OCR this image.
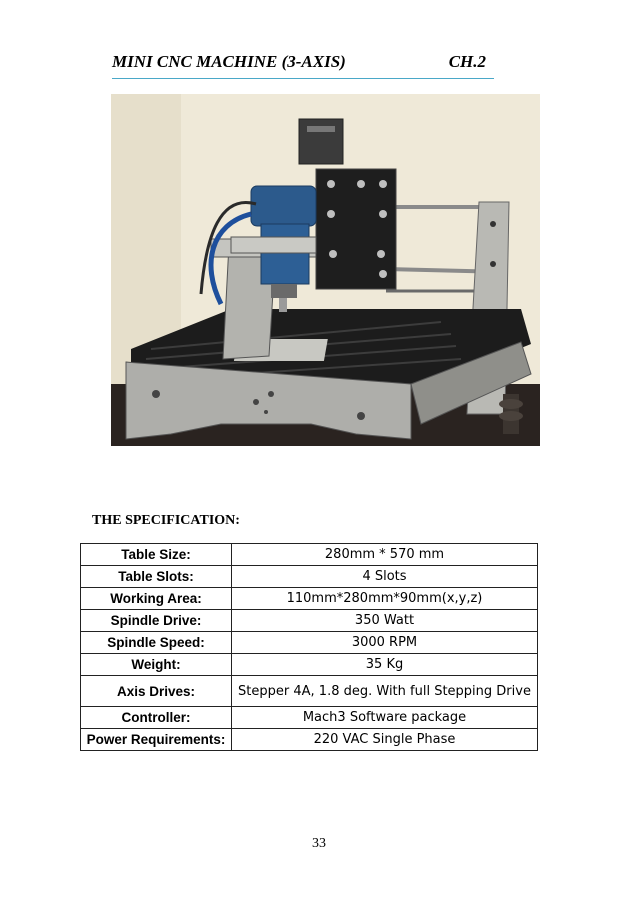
MINI CNC MACHINE (3-AXIS)	CH.2
THE SPECIFICATION:
Table Size:	280mm * 570 mm
Table Slots:	4 Slots
Working Area:	110mm*280mm*90mm(x,y,z)
Spindle Drive:	350 Watt
Spindle Speed:	3000 RPM
Weight:	35 Kg
Axis Drives:	Stepper 4A, 1.8 deg. With full Stepping Drive
Controller:	Mach3 Software package
Power Requirements:	220 VAC Single Phase
33
